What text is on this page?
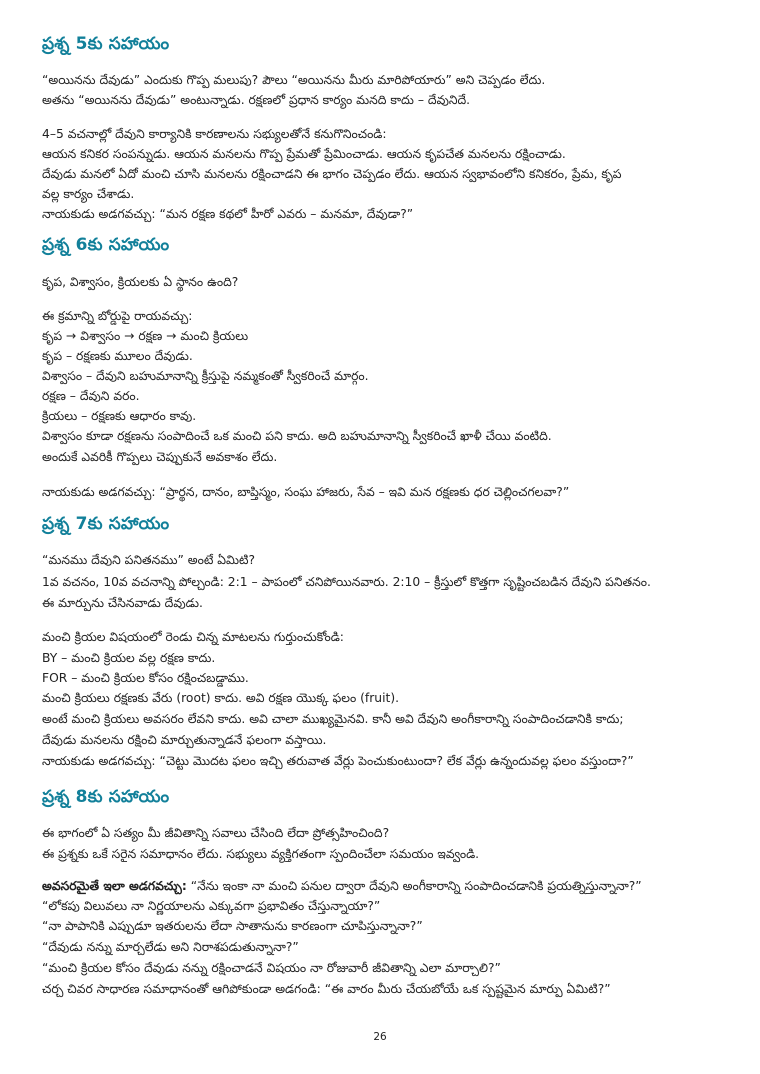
ప్రశ్న 5కు సహాయం
“అయినను దేవుడు” ఎందుకు గొప్ప మలుపు? పౌలు “అయినను మీరు మారిపోయారు” అని చెప్పడం లేదు.
అతను “అయినను దేవుడు” అంటున్నాడు. రక్షణలో ప్రధాన కార్యం మనది కాదు – దేవునిదే.
4–5 వచనాల్లో దేవుని కార్యానికి కారణాలను సభ్యులతోనే కనుగొనించండి:
ఆయన కనికర సంపన్నుడు. ఆయన మనలను గొప్ప ప్రేమతో ప్రేమించాడు. ఆయన కృపచేత మనలను రక్షించాడు.
దేవుడు మనలో ఏదో మంచి చూసి మనలను రక్షించాడని ఈ భాగం చెప్పడం లేదు. ఆయన స్వభావంలోని కనికరం, ప్రేమ, కృప
వల్ల కార్యం చేశాడు.
నాయకుడు అడగవచ్చు: “మన రక్షణ కథలో హీరో ఎవరు – మనమా, దేవుడా?”
ప్రశ్న 6కు సహాయం
కృప, విశ్వాసం, క్రియలకు ఏ స్థానం ఉంది?
ఈ క్రమాన్ని బోర్డుపై రాయవచ్చు:
కృప → విశ్వాసం → రక్షణ → మంచి క్రియలు
కృప – రక్షణకు మూలం దేవుడు.
విశ్వాసం – దేవుని బహుమానాన్ని క్రీస్తుపై నమ్మకంతో స్వీకరించే మార్గం.
రక్షణ – దేవుని వరం.
క్రియలు – రక్షణకు ఆధారం కావు.
విశ్వాసం కూడా రక్షణను సంపాదించే ఒక మంచి పని కాదు. అది బహుమానాన్ని స్వీకరించే ఖాళీ చేయి వంటిది.
అందుకే ఎవరికీ గొప్పలు చెప్పుకునే అవకాశం లేదు.
నాయకుడు అడగవచ్చు: “ప్రార్థన, దానం, బాప్తిస్మం, సంఘ హాజరు, సేవ – ఇవి మన రక్షణకు ధర చెల్లించగలవా?”
ప్రశ్న 7కు సహాయం
“మనము దేవుని పనితనము” అంటే ఏమిటి?
1వ వచనం, 10వ వచనాన్ని పోల్చండి: 2:1 – పాపంలో చనిపోయినవారు. 2:10 – క్రీస్తులో కొత్తగా సృష్టించబడిన దేవుని పనితనం.
ఈ మార్పును చేసినవాడు దేవుడు.
మంచి క్రియల విషయంలో రెండు చిన్న మాటలను గుర్తుంచుకోండి:
BY – మంచి క్రియల వల్ల రక్షణ కాదు.
FOR – మంచి క్రియల కోసం రక్షించబడ్డాము.
మంచి క్రియలు రక్షణకు వేరు (root) కాదు. అవి రక్షణ యొక్క ఫలం (fruit).
అంటే మంచి క్రియలు అవసరం లేవని కాదు. అవి చాలా ముఖ్యమైనవి. కానీ అవి దేవుని అంగీకారాన్ని సంపాదించడానికి కాదు;
దేవుడు మనలను రక్షించి మార్చుతున్నాడనే ఫలంగా వస్తాయి.
నాయకుడు అడగవచ్చు: “చెట్టు మొదట ఫలం ఇచ్చి తరువాత వేర్లు పెంచుకుంటుందా? లేక వేర్లు ఉన్నందువల్ల ఫలం వస్తుందా?”
ప్రశ్న 8కు సహాయం
ఈ భాగంలో ఏ సత్యం మీ జీవితాన్ని సవాలు చేసింది లేదా ప్రోత్సహించింది?
ఈ ప్రశ్నకు ఒకే సరైన సమాధానం లేదు. సభ్యులు వ్యక్తిగతంగా స్పందించేలా సమయం ఇవ్వండి.
అవసరమైతే ఇలా అడగవచ్చు: “నేను ఇంకా నా మంచి పనుల ద్వారా దేవుని అంగీకారాన్ని సంపాదించడానికి ప్రయత్నిస్తున్నానా?”
“లోకపు విలువలు నా నిర్ణయాలను ఎక్కువగా ప్రభావితం చేస్తున్నాయా?”
“నా పాపానికి ఎప్పుడూ ఇతరులను లేదా సాతానును కారణంగా చూపిస్తున్నానా?”
“దేవుడు నన్ను మార్చలేడు అని నిరాశపడుతున్నానా?”
“మంచి క్రియల కోసం దేవుడు నన్ను రక్షించాడనే విషయం నా రోజువారీ జీవితాన్ని ఎలా మార్చాలి?”
చర్చ చివర సాధారణ సమాధానంతో ఆగిపోకుండా అడగండి: “ఈ వారం మీరు చేయబోయే ఒక స్పష్టమైన మార్పు ఏమిటి?”
26
